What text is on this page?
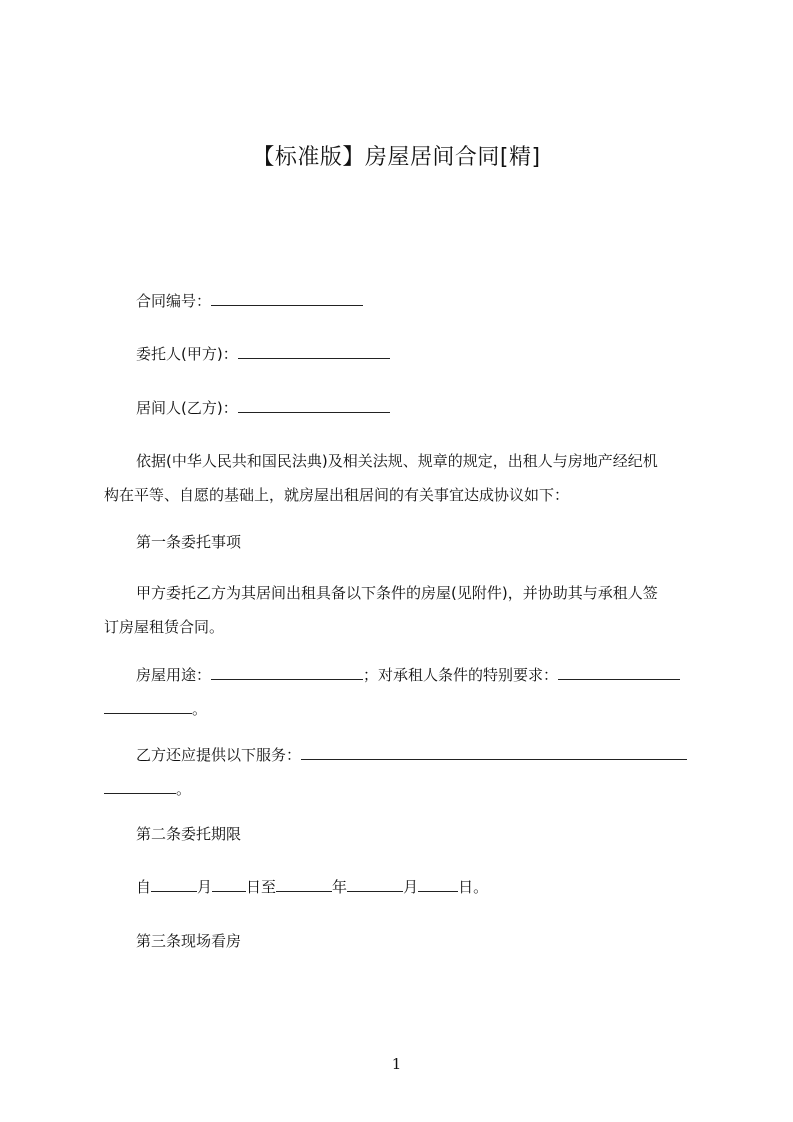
【标准版】房屋居间合同[精]
合同编号：
委托人(甲方)：
居间人(乙方)：
依据(中华人民共和国民法典)及相关法规、规章的规定，出租人与房地产经纪机
构在平等、自愿的基础上，就房屋出租居间的有关事宜达成协议如下：
第一条委托事项
甲方委托乙方为其居间出租具备以下条件的房屋(见附件)，并协助其与承租人签
订房屋租赁合同。
房屋用途：	；对承租人条件的特别要求：
。
乙方还应提供以下服务：
。
第二条委托期限
自	月 日至	年	月	日。
第三条现场看房
1
